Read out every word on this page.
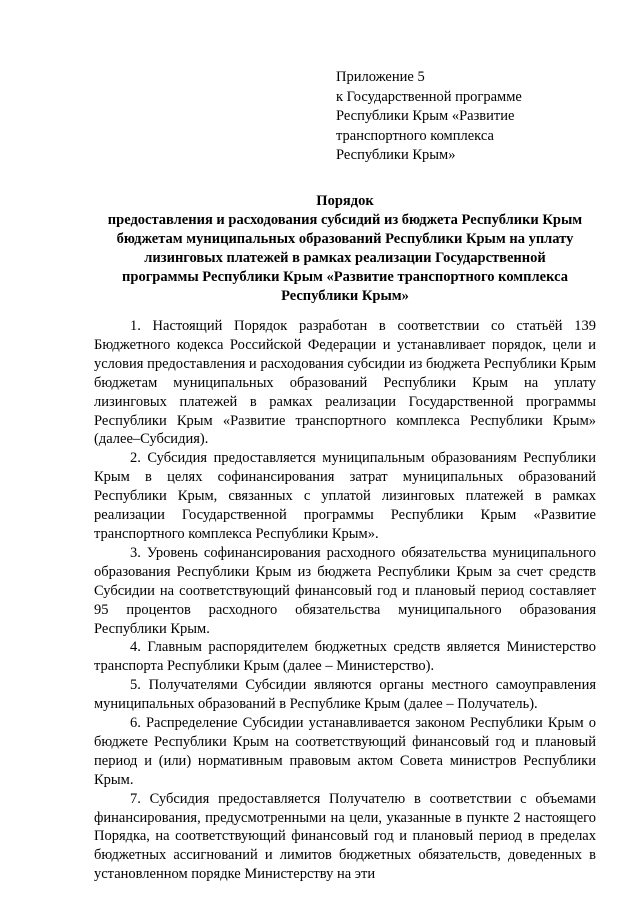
Приложение 5
к Государственной программе
Республики Крым «Развитие
транспортного комплекса
Республики Крым»
Порядок
предоставления и расходования субсидий из бюджета Республики Крым
бюджетам муниципальных образований Республики Крым на уплату
лизинговых платежей в рамках реализации Государственной
программы Республики Крым «Развитие транспортного комплекса
Республики Крым»

1. Настоящий Порядок разработан в соответствии со статьёй 139 Бюджетного кодекса Российской Федерации и устанавливает порядок, цели и условия предоставления и расходования субсидии из бюджета Республики Крым бюджетам муниципальных образований Республики Крым на уплату лизинговых платежей в рамках реализации Государственной программы Республики Крым «Развитие транспортного комплекса Республики Крым» (далее–Субсидия).

2. Субсидия предоставляется муниципальным образованиям Республики Крым в целях софинансирования затрат муниципальных образований Республики Крым, связанных с уплатой лизинговых платежей в рамках реализации Государственной программы Республики Крым «Развитие транспортного комплекса Республики Крым».

3. Уровень софинансирования расходного обязательства муниципального образования Республики Крым из бюджета Республики Крым за счет средств Субсидии на соответствующий финансовый год и плановый период составляет 95 процентов расходного обязательства муниципального образования Республики Крым.

4. Главным распорядителем бюджетных средств является Министерство транспорта Республики Крым (далее – Министерство).

5. Получателями Субсидии являются органы местного самоуправления муниципальных образований в Республике Крым (далее – Получатель).

6. Распределение Субсидии устанавливается законом Республики Крым о бюджете Республики Крым на соответствующий финансовый год и плановый период и (или) нормативным правовым актом Совета министров Республики Крым.

7. Субсидия предоставляется Получателю в соответствии с объемами финансирования, предусмотренными на цели, указанные в пункте 2 настоящего Порядка, на соответствующий финансовый год и плановый период в пределах бюджетных ассигнований и лимитов бюджетных обязательств, доведенных в установленном порядке Министерству на эти
